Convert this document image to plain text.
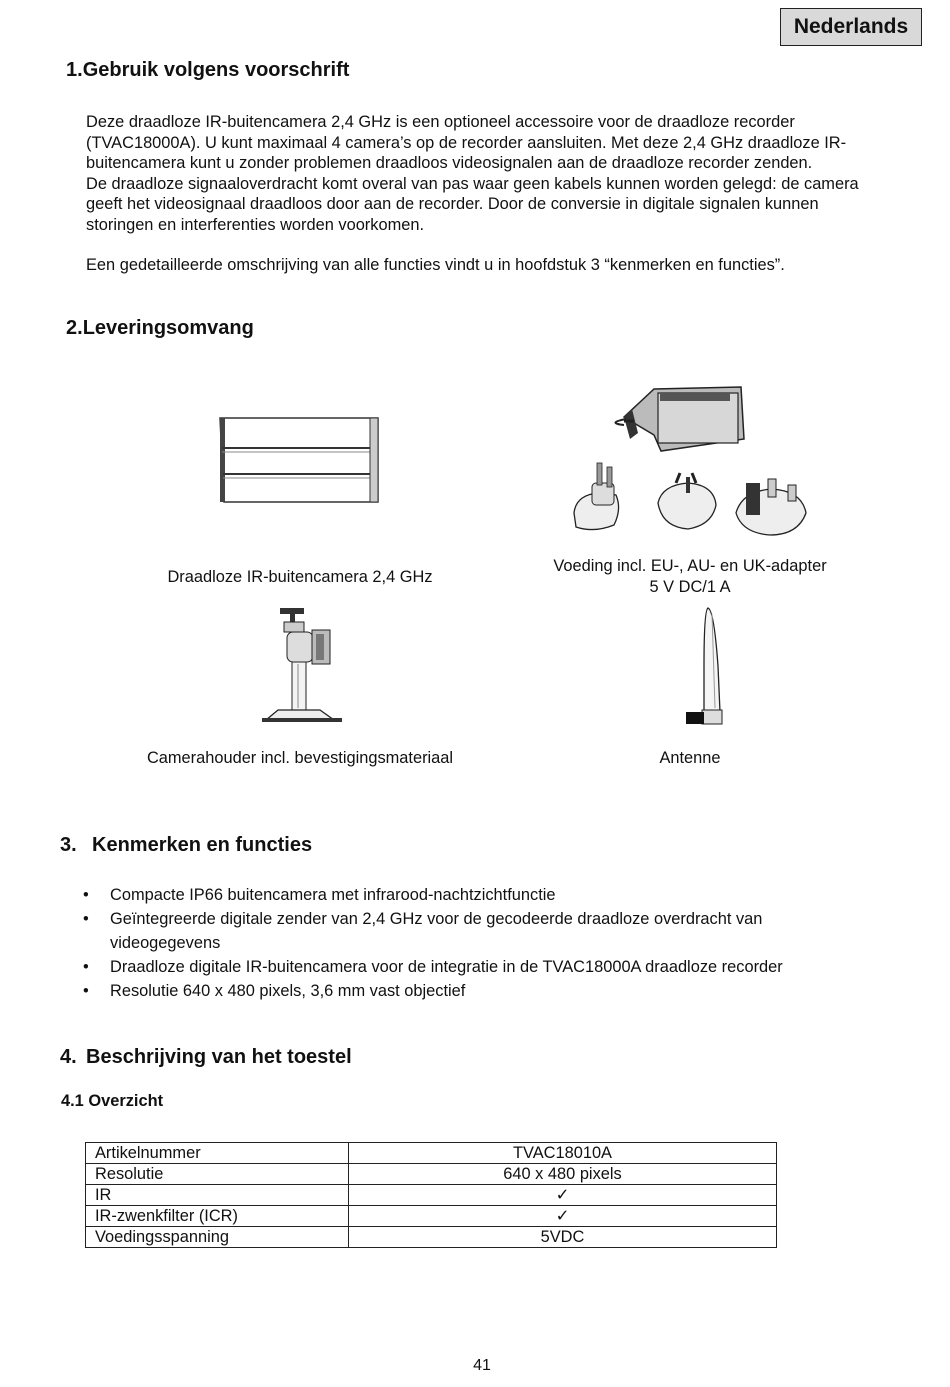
Nederlands
1.Gebruik volgens voorschrift

Deze draadloze IR-buitencamera 2,4 GHz is een optioneel accessoire voor de draadloze recorder

(TVAC18000A). U kunt maximaal 4 camera’s op de recorder aansluiten. Met deze 2,4 GHz draadloze IR-

buitencamera kunt u zonder problemen draadloos videosignalen aan de draadloze recorder zenden.

De draadloze signaaloverdracht komt overal van pas waar geen kabels kunnen worden gelegd: de camera

geeft het videosignaal draadloos door aan de recorder. Door de conversie in digitale signalen kunnen

storingen en interferenties worden voorkomen.

Een gedetailleerde omschrijving van alle functies vindt u in hoofdstuk 3 “kenmerken en functies”.
2.Leveringsomvang
Draadloze IR-buitencamera 2,4 GHz
Voeding incl. EU-, AU- en UK-adapter
5 V DC/1 A
Camerahouder incl. bevestigingsmateriaal	Antenne
3. Kenmerken en functies
• Compacte IP66 buitencamera met infrarood-nachtzichtfunctie
• Geïntegreerde digitale zender van 2,4 GHz voor de gecodeerde draadloze overdracht van
videogegevens
• Draadloze digitale IR-buitencamera voor de integratie in de TVAC18000A draadloze recorder
• Resolutie 640 x 480 pixels, 3,6 mm vast objectief
4. Beschrijving van het toestel
4.1 Overzicht
Artikelnummer	TVAC18010A
Resolutie	640 x 480 pixels
IR	✓
IR-zwenkfilter (ICR)	✓
Voedingsspanning	5VDC
41
